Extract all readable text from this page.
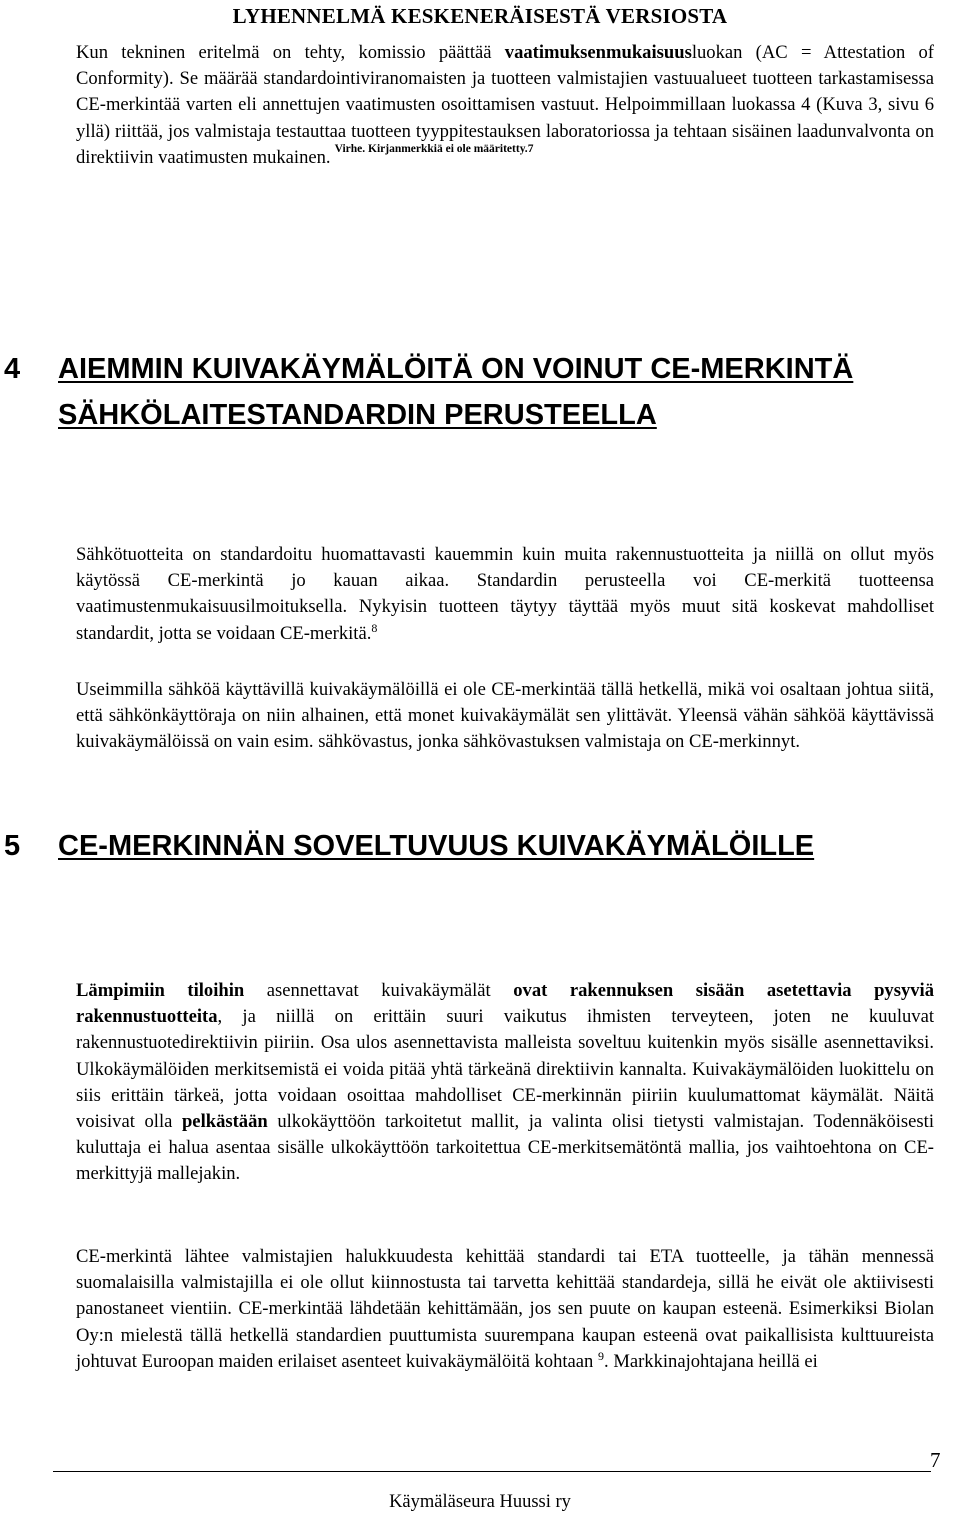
LYHENNELMÄ KESKENERÄISESTÄ VERSIOSTA

Kun tekninen eritelmä on tehty, komissio päättää vaatimuksenmukaisuusluokan (AC = Attestation of Conformity). Se määrää standardointiviranomaisten ja tuotteen valmistajien vastuualueet tuotteen tarkastamisessa CE-merkintää varten eli annettujen vaatimusten osoittamisen vastuut. Helpoimmillaan luokassa 4 (Kuva 3, sivu 6 yllä) riittää, jos valmistaja testauttaa tuotteen tyyppitestauksen laboratoriossa ja tehtaan sisäinen laadunvalvonta on direktiivin vaatimusten mukainen. $^{Virhe. Kirjanmerkkiä ei ole määritetty.7}$

4 AIEMMIN KUIVAKÄYMÄLÖITÄ ON VOINUT CE-MERKINTÄ SÄHKÖLAITESTANDARDIN PERUSTEELLA

Sähkötuotteita on standardoitu huomattavasti kauemmin kuin muita rakennustuotteita ja niillä on ollut myös käytössä CE-merkintä jo kauan aikaa. Standardin perusteella voi CE-merkitä tuotteensa vaatimustenmukaisuusilmoituksella. Nykyisin tuotteen täytyy täyttää myös muut sitä koskevat mahdolliset standardit, jotta se voidaan CE-merkitä.$^8$

Useimmilla sähköä käyttävillä kuivakäymälöillä ei ole CE-merkintää tällä hetkellä, mikä voi osaltaan johtua siitä, että sähkönkäyttöraja on niin alhainen, että monet kuivakäymälät sen ylittävät. Yleensä vähän sähköä käyttävissä kuivakäymälöissä on vain esim. sähkövastus, jonka sähkövastuksen valmistaja on CE-merkinnyt.

5 CE-MERKINNÄN SOVELTUVUUS KUIVAKÄYMÄLÖILLE

Lämpimiin tiloihin asennettavat kuivakäymälät ovat rakennuksen sisään asetettavia pysyviä rakennustuotteita, ja niillä on erittäin suuri vaikutus ihmisten terveyteen, joten ne kuuluvat rakennustuotedirektiivin piiriin. Osa ulos asennettavista malleista soveltuu kuitenkin myös sisälle asennettaviksi. Ulkokäymälöiden merkitsemistä ei voida pitää yhtä tärkeänä direktiivin kannalta. Kuivakäymälöiden luokittelu on siis erittäin tärkeä, jotta voidaan osoittaa mahdolliset CE-merkinnän piiriin kuulumattomat käymälät. Näitä voisivat olla pelkästään ulkokäyttöön tarkoitetut mallit, ja valinta olisi tietysti valmistajan. Todennäköisesti kuluttaja ei halua asentaa sisälle ulkokäyttöön tarkoitettua CE-merkitsemätöntä mallia, jos vaihtoehtona on CE-merkittyjä mallejakin.

CE-merkintä lähtee valmistajien halukkuudesta kehittää standardi tai ETA tuotteelle, ja tähän mennessä suomalaisilla valmistajilla ei ole ollut kiinnostusta tai tarvetta kehittää standardeja, sillä he eivät ole aktiivisesti panostaneet vientiin. CE-merkintää lähdetään kehittämään, jos sen puute on kaupan esteenä. Esimerkiksi Biolan Oy:n mielestä tällä hetkellä standardien puuttumista suurempana kaupan esteenä ovat paikallisista kulttuureista johtuvat Euroopan maiden erilaiset asenteet kuivakäymälöitä kohtaan $^9$. Markkinajohtajana heillä ei

7
Käymäläseura Huussi ry
